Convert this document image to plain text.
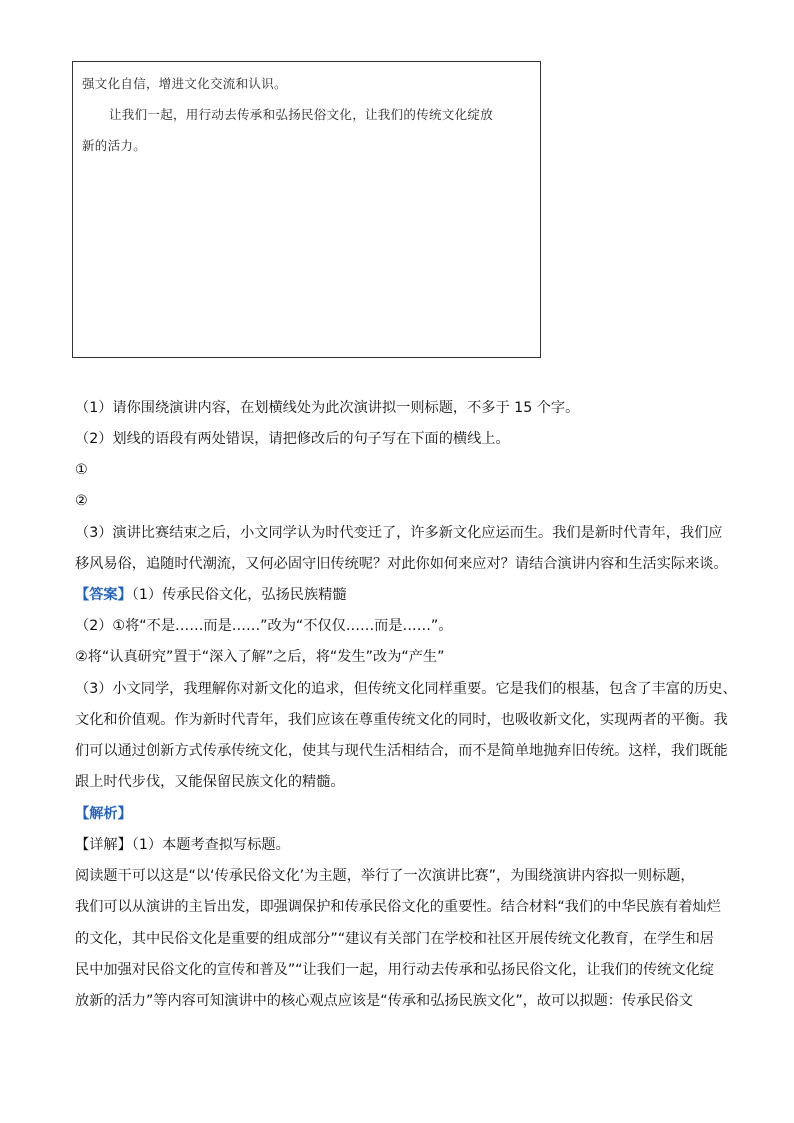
强文化自信，增进文化交流和认识。

让我们一起，用行动去传承和弘扬民俗文化，让我们的传统文化绽放

新的活力。

（1）请你围绕演讲内容，在划横线处为此次演讲拟一则标题，不多于 15 个字。
（2）划线的语段有两处错误，请把修改后的句子写在下面的横线上。
①
②
（3）演讲比赛结束之后，小文同学认为时代变迁了，许多新文化应运而生。我们是新时代青年，我们应
移风易俗，追随时代潮流，又何必固守旧传统呢？对此你如何来应对？请结合演讲内容和生活实际来谈。
【答案】（1）传承民俗文化，弘扬民族精髓
（2）①将“不是……而是……”改为“不仅仅……而是……”。
②将“认真研究”置于“深入了解”之后，将“发生”改为“产生”
（3）小文同学，我理解你对新文化的追求，但传统文化同样重要。它是我们的根基，包含了丰富的历史、
文化和价值观。作为新时代青年，我们应该在尊重传统文化的同时，也吸收新文化，实现两者的平衡。我
们可以通过创新方式传承传统文化，使其与现代生活相结合，而不是简单地抛弃旧传统。这样，我们既能
跟上时代步伐，又能保留民族文化的精髓。
【解析】
【详解】（1）本题考查拟写标题。
阅读题干可以这是“以‘传承民俗文化’为主题，举行了一次演讲比赛”，为围绕演讲内容拟一则标题，
我们可以从演讲的主旨出发，即强调保护和传承民俗文化的重要性。结合材料“我们的中华民族有着灿烂
的文化，其中民俗文化是重要的组成部分”“建议有关部门在学校和社区开展传统文化教育，在学生和居
民中加强对民俗文化的宣传和普及”“让我们一起，用行动去传承和弘扬民俗文化，让我们的传统文化绽
放新的活力”等内容可知演讲中的核心观点应该是“传承和弘扬民族文化”，故可以拟题：传承民俗文
